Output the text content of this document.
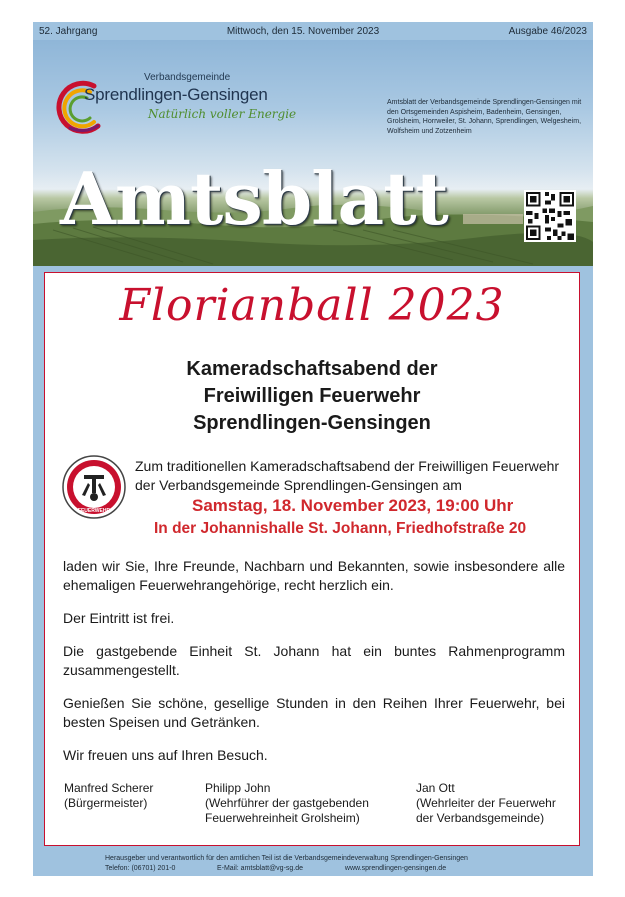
52. Jahrgang	Mittwoch, den 15. November 2023	Ausgabe 46/2023
Verbandsgemeinde
Sprendlingen-Gensingen
Natürlich voller Energie
Amtsblatt der Verbandsgemeinde Sprendlingen-Gensingen mit den Ortsgemeinden Aspisheim, Badenheim, Gensingen, Grolsheim, Horrweiler, St. Johann, Sprendlingen, Welgesheim, Wolfsheim und Zotzenheim
Amtsblatt
Florianball 2023
Kameradschaftsabend der
Freiwilligen Feuerwehr
Sprendlingen-Gensingen
FEUERWEHR
Zum traditionellen Kameradschaftsabend der Freiwilligen Feuerwehr der Verbandsgemeinde Sprendlingen-Gensingen am
Samstag, 18. November 2023, 19:00 Uhr
In der Johannishalle St. Johann, Friedhofstraße 20
laden wir Sie, Ihre Freunde, Nachbarn und Bekannten, sowie insbesondere alle ehemaligen Feuerwehrangehörige, recht herzlich ein.
Der Eintritt ist frei.
Die gastgebende Einheit St. Johann hat ein buntes Rahmenprogramm zusammengestellt.
Genießen Sie schöne, gesellige Stunden in den Reihen Ihrer Feuerwehr, bei besten Speisen und Getränken.
Wir freuen uns auf Ihren Besuch.
Manfred Scherer
(Bürgermeister)
Philipp John
(Wehrführer der gastgebenden
Feuerwehreinheit Grolsheim)
Jan Ott
(Wehrleiter der Feuerwehr
der Verbandsgemeinde)
Herausgeber und verantwortlich für den amtlichen Teil ist die Verbandsgemeindeverwaltung Sprendlingen-Gensingen
Telefon: (06701) 201-0	E-Mail: amtsblatt@vg-sg.de	www.sprendlingen-gensingen.de
